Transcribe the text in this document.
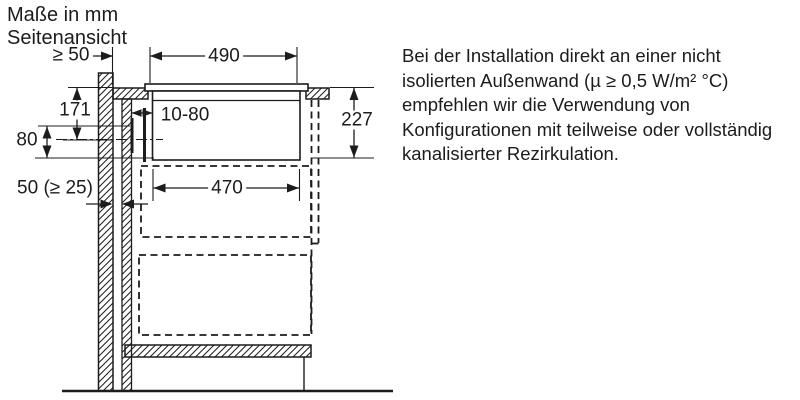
Maße in mm
Seitenansicht
≥ 50	490
227
171
80
10-80
50 (≥ 25)	470
Bei der Installation direkt an einer nicht
isolierten Außenwand (µ ≥ 0,5 W/m² °C)
empfehlen wir die Verwendung von
Konfigurationen mit teilweise oder vollständig
kanalisierter Rezirkulation.
